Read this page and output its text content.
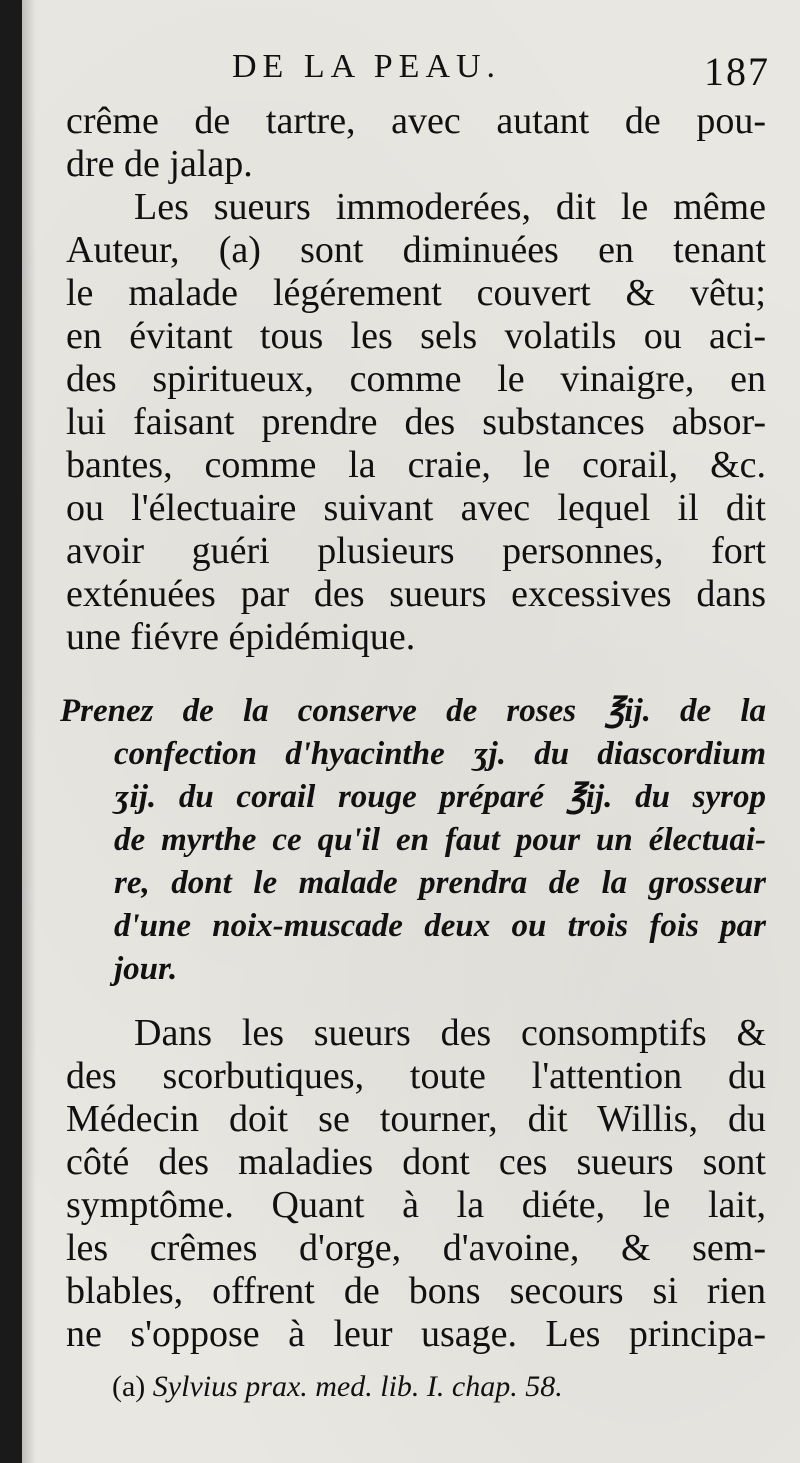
DE LA PEAU.	187
crême de tartre, avec autant de pou-
dre de jalap.
Les sueurs immoderées, dit le même
Auteur, (a) sont diminuées en tenant
le malade légérement couvert & vêtu;
en évitant tous les sels volatils ou aci-
des spiritueux, comme le vinaigre, en
lui faisant prendre des substances absor-
bantes, comme la craie, le corail, &c.
ou l'électuaire suivant avec lequel il dit
avoir guéri plusieurs personnes, fort
exténuées par des sueurs excessives dans
une fiévre épidémique.
Prenez de la conserve de roses ℥ij. de la
confection d'hyacinthe ʒj. du diascordium
ʒij. du corail rouge préparé ℥ij. du syrop
de myrthe ce qu'il en faut pour un électuai-
re, dont le malade prendra de la grosseur
d'une noix-muscade deux ou trois fois par
jour.
Dans les sueurs des consomptifs &
des scorbutiques, toute l'attention du
Médecin doit se tourner, dit Willis, du
côté des maladies dont ces sueurs sont
symptôme. Quant à la diéte, le lait,
les crêmes d'orge, d'avoine, & sem-
blables, offrent de bons secours si rien
ne s'oppose à leur usage. Les principa-
(a) Sylvius prax. med. lib. I. chap. 58.
